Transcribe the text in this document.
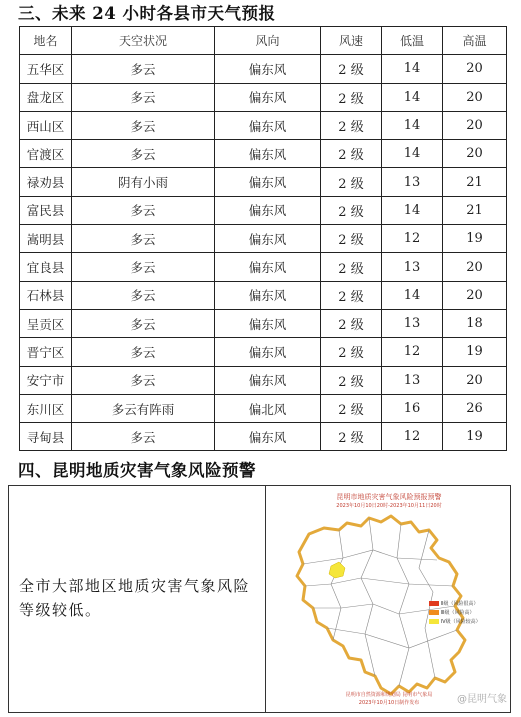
三、未来 24 小时各县市天气预报
地名	天空状况	风向	风速	低温	高温
五华区	多云	偏东风	2 级	14	20
盘龙区	多云	偏东风	2 级	14	20
西山区	多云	偏东风	2 级	14	20
官渡区	多云	偏东风	2 级	14	20
禄劝县	阴有小雨	偏东风	2 级	13	21
富民县	多云	偏东风	2 级	14	21
嵩明县	多云	偏东风	2 级	12	19
宜良县	多云	偏东风	2 级	13	20
石林县	多云	偏东风	2 级	14	20
呈贡区	多云	偏东风	2 级	13	18
晋宁区	多云	偏东风	2 级	12	19
安宁市	多云	偏东风	2 级	13	20
东川区	多云有阵雨	偏北风	2 级	16	26
寻甸县	多云	偏东风	2 级	12	19
四、昆明地质灾害气象风险预警
全市大部地区地质灾害气象风险等级较低。
昆明市地质灾害气象风险预报预警
2023年10月10日20时-2023年10月11日20时
Ⅱ级（风险很高）
Ⅲ级（风险高）
Ⅳ级（风险较高）
昆明市自然资源和规划局 昆明市气象局
2023年10月10日制作发布	@昆明气象
